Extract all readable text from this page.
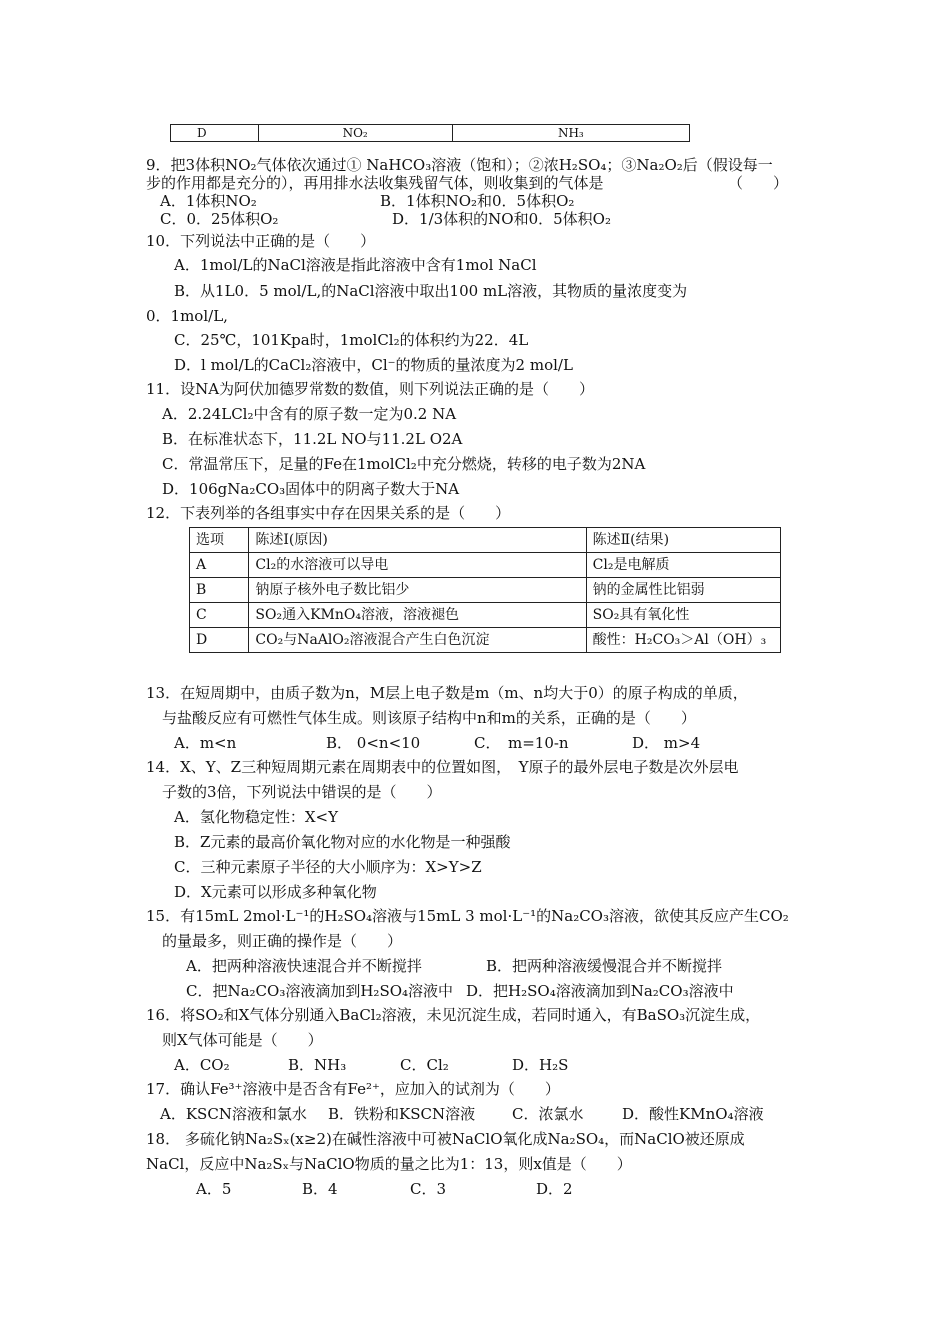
D	NO₂	NH₃
9．把3体积NO₂气体依次通过① NaHCO₃溶液（饱和）；②浓H₂SO₄；③Na₂O₂后（假设每一
步的作用都是充分的），再用排水法收集残留气体，则收集到的气体是	（　　）
A．1体积NO₂	B．1体积NO₂和0．5体积O₂
C．0．25体积O₂	D．1/3体积的NO和0．5体积O₂
10．下列说法中正确的是（　　）
A．1mol/L的NaCl溶液是指此溶液中含有1mol NaCl
B．从1L0．5 mol/L,的NaCl溶液中取出100 mL溶液，其物质的量浓度变为
0．1mol/L,
C．25℃，101Kpa时，1molCl₂的体积约为22．4L
D．l mol/L的CaCl₂溶液中，Cl⁻的物质的量浓度为2 mol/L
11．设NA为阿伏加德罗常数的数值，则下列说法正确的是（　　）
A．2.24LCl₂中含有的原子数一定为0.2 NA
B．在标准状态下，11.2L NO与11.2L O2A
C．常温常压下，足量的Fe在1molCl₂中充分燃烧，转移的电子数为2NA
D．106gNa₂CO₃固体中的阴离子数大于NA
12．下表列举的各组事实中存在因果关系的是（　　）
选项	陈述Ⅰ(原因)	陈述Ⅱ(结果)
A	Cl₂的水溶液可以导电	Cl₂是电解质
B	钠原子核外电子数比铝少	钠的金属性比铝弱
C	SO₂通入KMnO₄溶液，溶液褪色	SO₂具有氧化性
D	CO₂与NaAlO₂溶液混合产生白色沉淀	酸性：H₂CO₃＞Al（OH）₃
13．在短周期中，由质子数为n，M层上电子数是m（m、n均大于0）的原子构成的单质，
与盐酸反应有可燃性气体生成。则该原子结构中n和m的关系，正确的是（　　）
A．m<n	B． 0<n<10	C．　m=10-n	D． m>4
14．X、Y、Z三种短周期元素在周期表中的位置如图，　Y原子的最外层电子数是次外层电
子数的3倍，下列说法中错误的是（　　）
A．氢化物稳定性：X<Y
B．Z元素的最高价氧化物对应的水化物是一种强酸
C．三种元素原子半径的大小顺序为：X>Y>Z
D．X元素可以形成多种氧化物
15．有15mL 2mol·L⁻¹的H₂SO₄溶液与15mL 3 mol·L⁻¹的Na₂CO₃溶液，欲使其反应产生CO₂
的量最多，则正确的操作是（　　）
A．把两种溶液快速混合并不断搅拌	B．把两种溶液缓慢混合并不断搅拌
C．把Na₂CO₃溶液滴加到H₂SO₄溶液中 D．把H₂SO₄溶液滴加到Na₂CO₃溶液中
16．将SO₂和X气体分别通入BaCl₂溶液，未见沉淀生成，若同时通入，有BaSO₃沉淀生成，
则X气体可能是（　　）
A．CO₂	B．NH₃	C．Cl₂	D．H₂S
17．确认Fe³⁺溶液中是否含有Fe²⁺，应加入的试剂为（　　）
A．KSCN溶液和氯水 B．铁粉和KSCN溶液 C．浓氯水	D．酸性KMnO₄溶液
18． 多硫化钠Na₂Sₓ(x≥2)在碱性溶液中可被NaClO氧化成Na₂SO₄，而NaClO被还原成
NaCl，反应中Na₂Sₓ与NaClO物质的量之比为1：13，则x值是（　　）
A．5	B．4	C．3	D．2
